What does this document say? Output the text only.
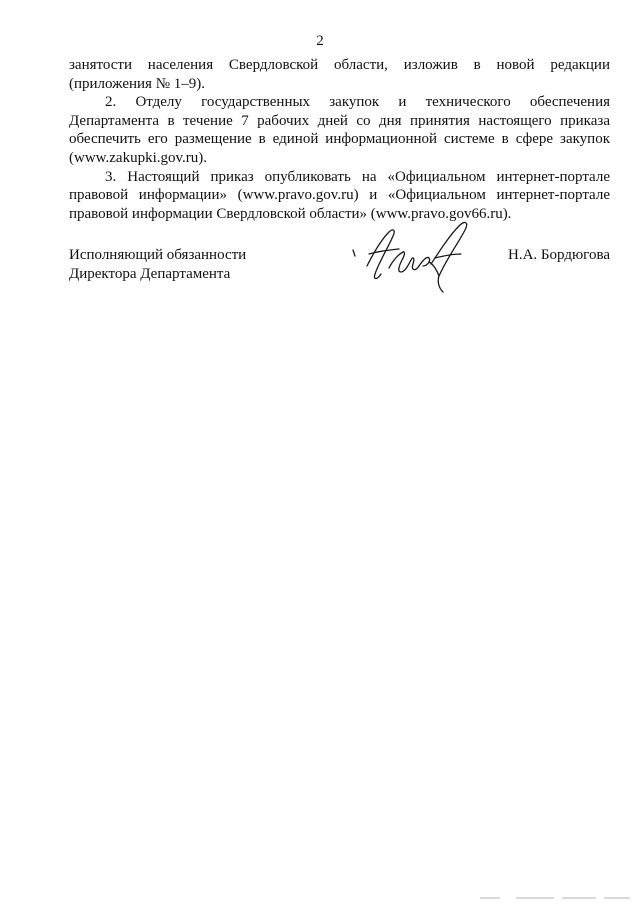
2

занятости населения Свердловской области, изложив в новой редакции (приложения № 1–9).

2. Отделу государственных закупок и технического обеспечения Департамента в течение 7 рабочих дней со дня принятия настоящего приказа обеспечить его размещение в единой информационной системе в сфере закупок (www.zakupki.gov.ru).

3. Настоящий приказ опубликовать на «Официальном интернет-портале правовой информации» (www.pravo.gov.ru) и «Официальном интернет-портале правовой информации Свердловской области» (www.pravo.gov66.ru).

Исполняющий обязанности
Директора Департамента
Н.А. Бордюгова
